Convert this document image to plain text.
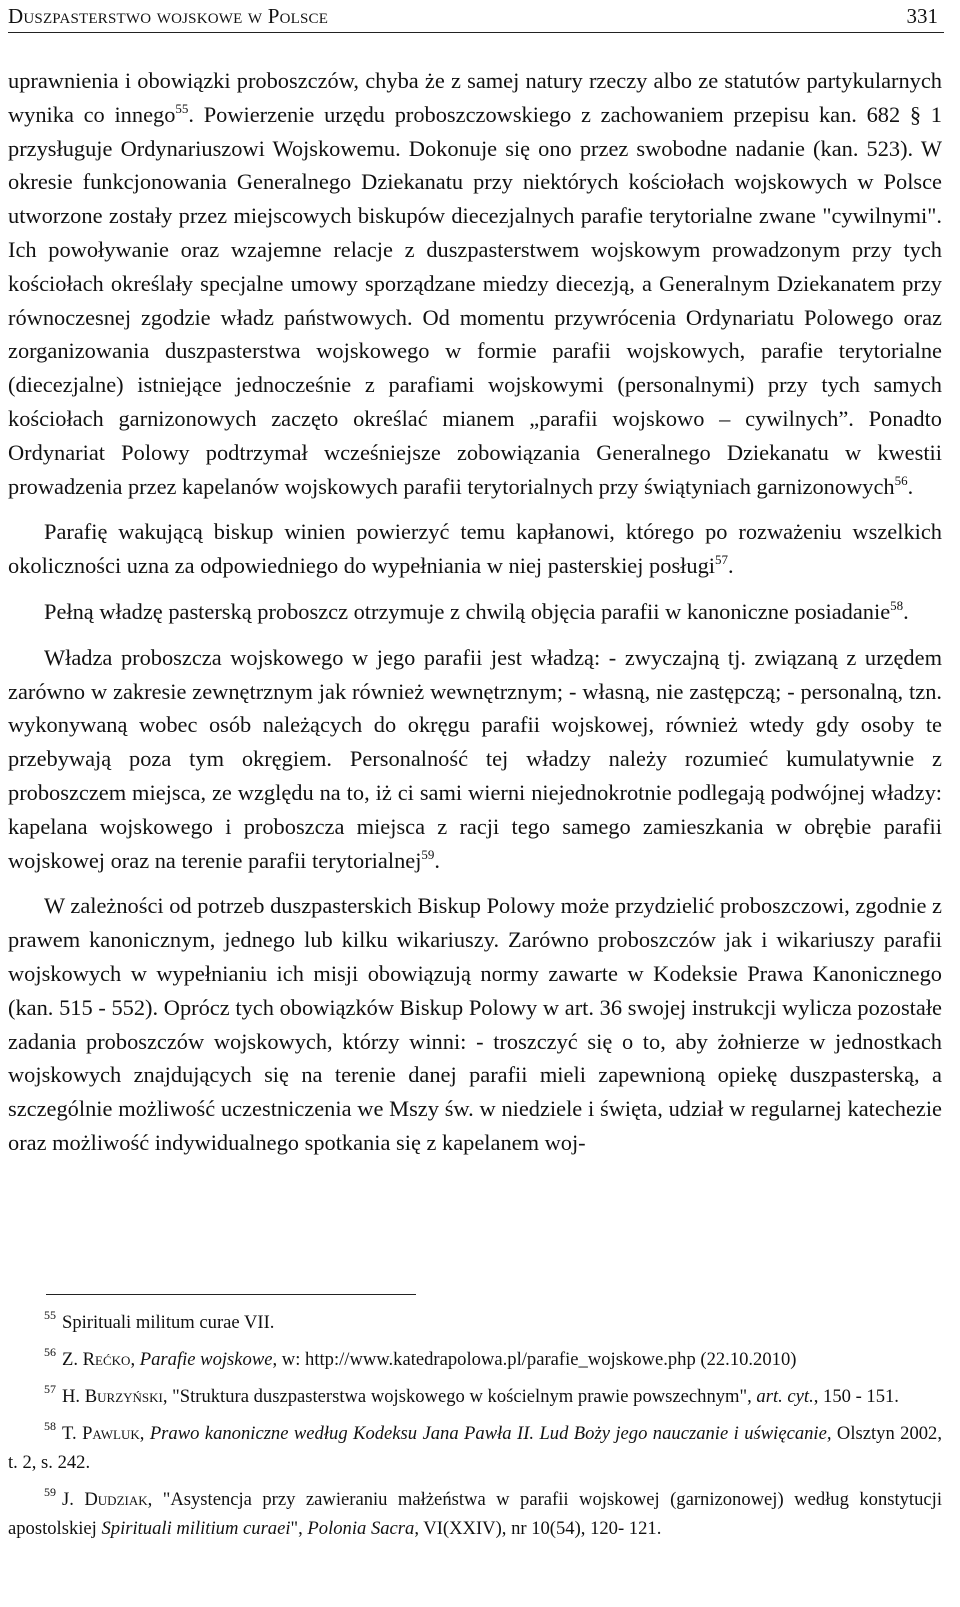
Duszpasterstwo wojskowe w Polsce	331

uprawnienia i obowiązki proboszczów, chyba że z samej natury rzeczy albo ze statutów partykularnych wynika co innego$^{55}$. Powierzenie urzędu proboszczowskiego z zachowaniem przepisu kan. 682 § 1 przysługuje Ordynariuszowi Wojskowemu. Dokonuje się ono przez swobodne nadanie (kan. 523). W okresie funkcjonowania Generalnego Dziekanatu przy niektórych kościołach wojskowych w Polsce utworzone zostały przez miejscowych biskupów diecezjalnych parafie terytorialne zwane "cywilnymi". Ich powoływanie oraz wzajemne relacje z duszpasterstwem wojskowym prowadzonym przy tych kościołach określały specjalne umowy sporządzane miedzy diecezją, a Generalnym Dziekanatem przy równoczesnej zgodzie władz państwowych. Od momentu przywrócenia Ordynariatu Polowego oraz zorganizowania duszpasterstwa wojskowego w formie parafii wojskowych, parafie terytorialne (diecezjalne) istniejące jednocześnie z parafiami wojskowymi (personalnymi) przy tych samych kościołach garnizonowych zaczęto określać mianem „parafii wojskowo – cywilnych”. Ponadto Ordynariat Polowy podtrzymał wcześniejsze zobowiązania Generalnego Dziekanatu w kwestii prowadzenia przez kapelanów wojskowych parafii terytorialnych przy świątyniach garnizonowych$^{56}$.

Parafię wakującą biskup winien powierzyć temu kapłanowi, którego po rozważeniu wszelkich okoliczności uzna za odpowiedniego do wypełniania w niej pasterskiej posługi$^{57}$.

Pełną władzę pasterską proboszcz otrzymuje z chwilą objęcia parafii w kanoniczne posiadanie$^{58}$.

Władza proboszcza wojskowego w jego parafii jest władzą: - zwyczajną tj. związaną z urzędem zarówno w zakresie zewnętrznym jak również wewnętrznym; - własną, nie zastępczą; - personalną, tzn. wykonywaną wobec osób należących do okręgu parafii wojskowej, również wtedy gdy osoby te przebywają poza tym okręgiem. Personalność tej władzy należy rozumieć kumulatywnie z proboszczem miejsca, ze względu na to, iż ci sami wierni niejednokrotnie podlegają podwójnej władzy: kapelana wojskowego i proboszcza miejsca z racji tego samego zamieszkania w obrębie parafii wojskowej oraz na terenie parafii terytorialnej$^{59}$.

W zależności od potrzeb duszpasterskich Biskup Polowy może przydzielić proboszczowi, zgodnie z prawem kanonicznym, jednego lub kilku wikariuszy. Zarówno proboszczów jak i wikariuszy parafii wojskowych w wypełnianiu ich misji obowiązują normy zawarte w Kodeksie Prawa Kanonicznego (kan. 515 - 552). Oprócz tych obowiązków Biskup Polowy w art. 36 swojej instrukcji wylicza pozostałe zadania proboszczów wojskowych, którzy winni: - troszczyć się o to, aby żołnierze w jednostkach wojskowych znajdujących się na terenie danej parafii mieli zapewnioną opiekę duszpasterską, a szczególnie możliwość uczestniczenia we Mszy św. w niedziele i święta, udział w regularnej katechezie oraz możliwość indywidualnego spotkania się z kapelanem woj-

$^{55}$ Spirituali militum curae VII.
$^{56}$ Z. Rećko, Parafie wojskowe, w: http://www.katedrapolowa.pl/parafie_wojskowe.php (22.10.2010)
$^{57}$ H. Burzyński, "Struktura duszpasterstwa wojskowego w kościelnym prawie powszechnym", art. cyt., 150 - 151.
$^{58}$ T. Pawluk, Prawo kanoniczne według Kodeksu Jana Pawła II. Lud Boży jego nauczanie i uświęcanie, Olsztyn 2002, t. 2, s. 242.
$^{59}$ J. Dudziak, "Asystencja przy zawieraniu małżeństwa w parafii wojskowej (garnizonowej) według konstytucji apostolskiej Spirituali militium curaei", Polonia Sacra, VI(XXIV), nr 10(54), 120- 121.
